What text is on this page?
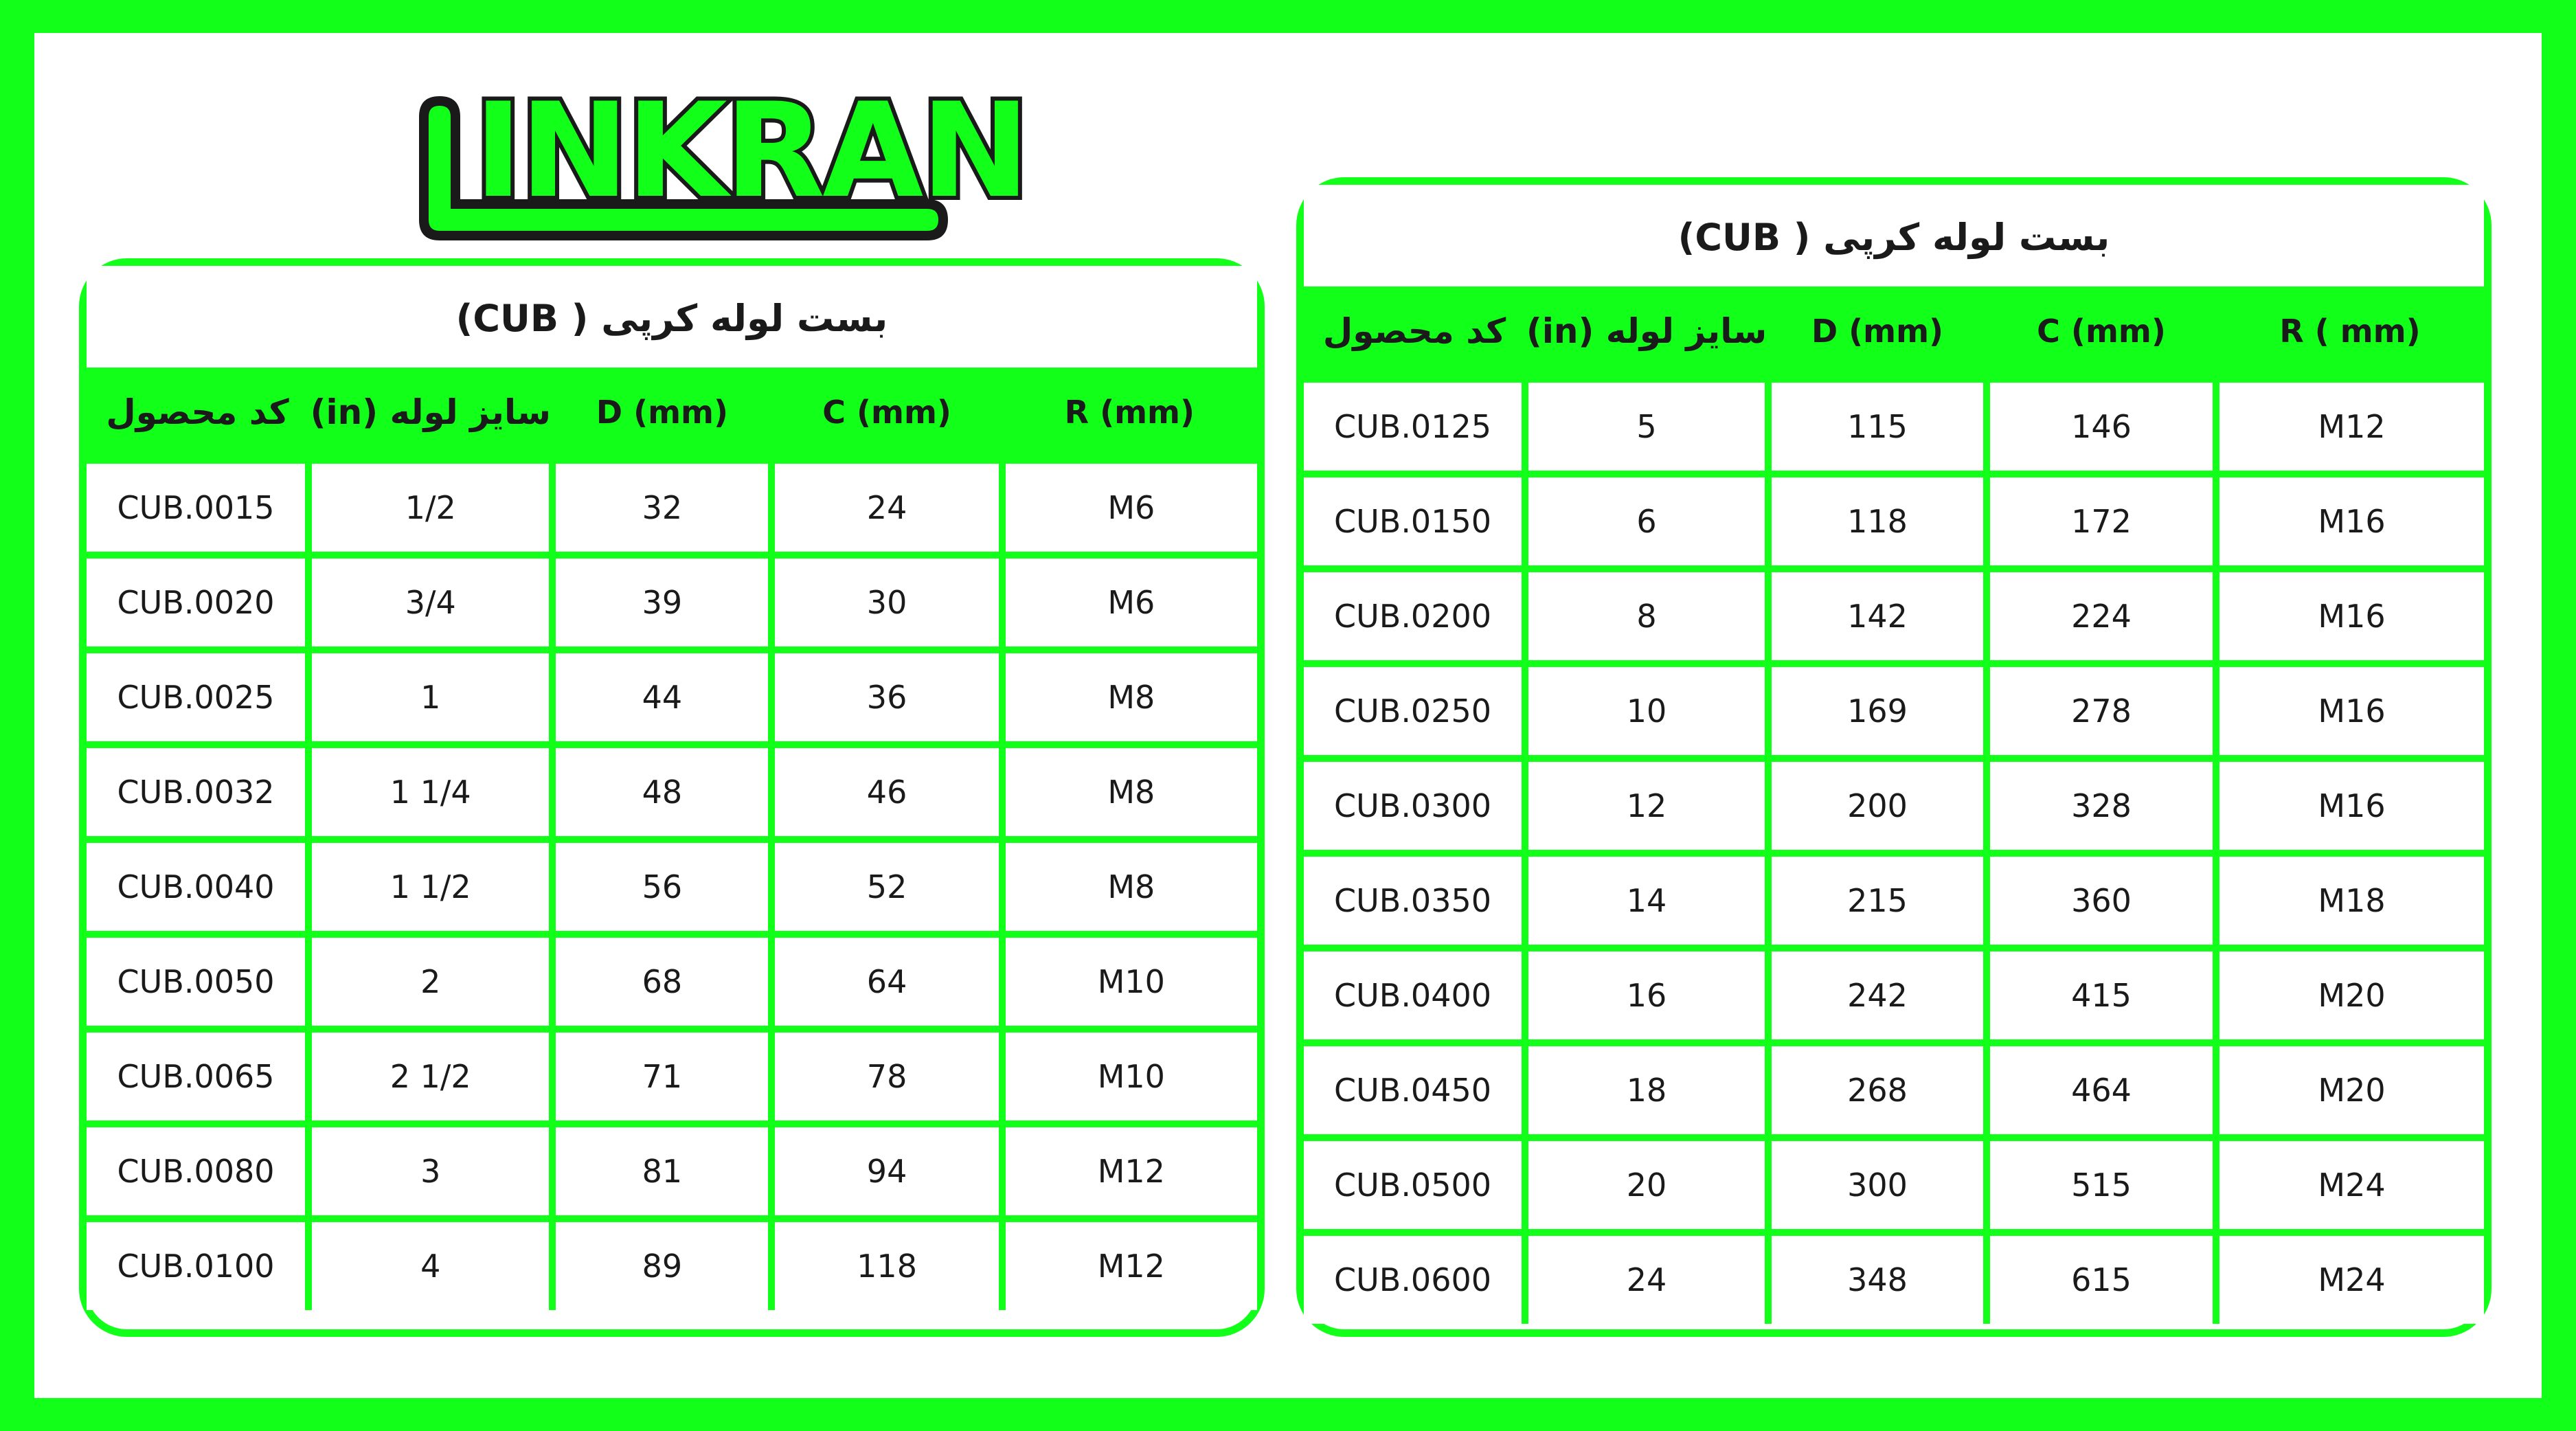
INKRAN
بست لوله کرپی ( CUB)
کد محصول	سایز لوله (in)	D (mm)	C (mm)	R (mm)
CUB.0015	1/2	32	24	M6
CUB.0020	3/4	39	30	M6
CUB.0025	1	44	36	M8
CUB.0032	1 1/4	48	46	M8
CUB.0040	1 1/2	56	52	M8
CUB.0050	2	68	64	M10
CUB.0065	2 1/2	71	78	M10
CUB.0080	3	81	94	M12
CUB.0100	4	89	118	M12
بست لوله کرپی ( CUB)
کد محصول	سایز لوله (in)	D (mm)	C (mm)	R ( mm)
CUB.0125	5	115	146	M12
CUB.0150	6	118	172	M16
CUB.0200	8	142	224	M16
CUB.0250	10	169	278	M16
CUB.0300	12	200	328	M16
CUB.0350	14	215	360	M18
CUB.0400	16	242	415	M20
CUB.0450	18	268	464	M20
CUB.0500	20	300	515	M24
CUB.0600	24	348	615	M24
